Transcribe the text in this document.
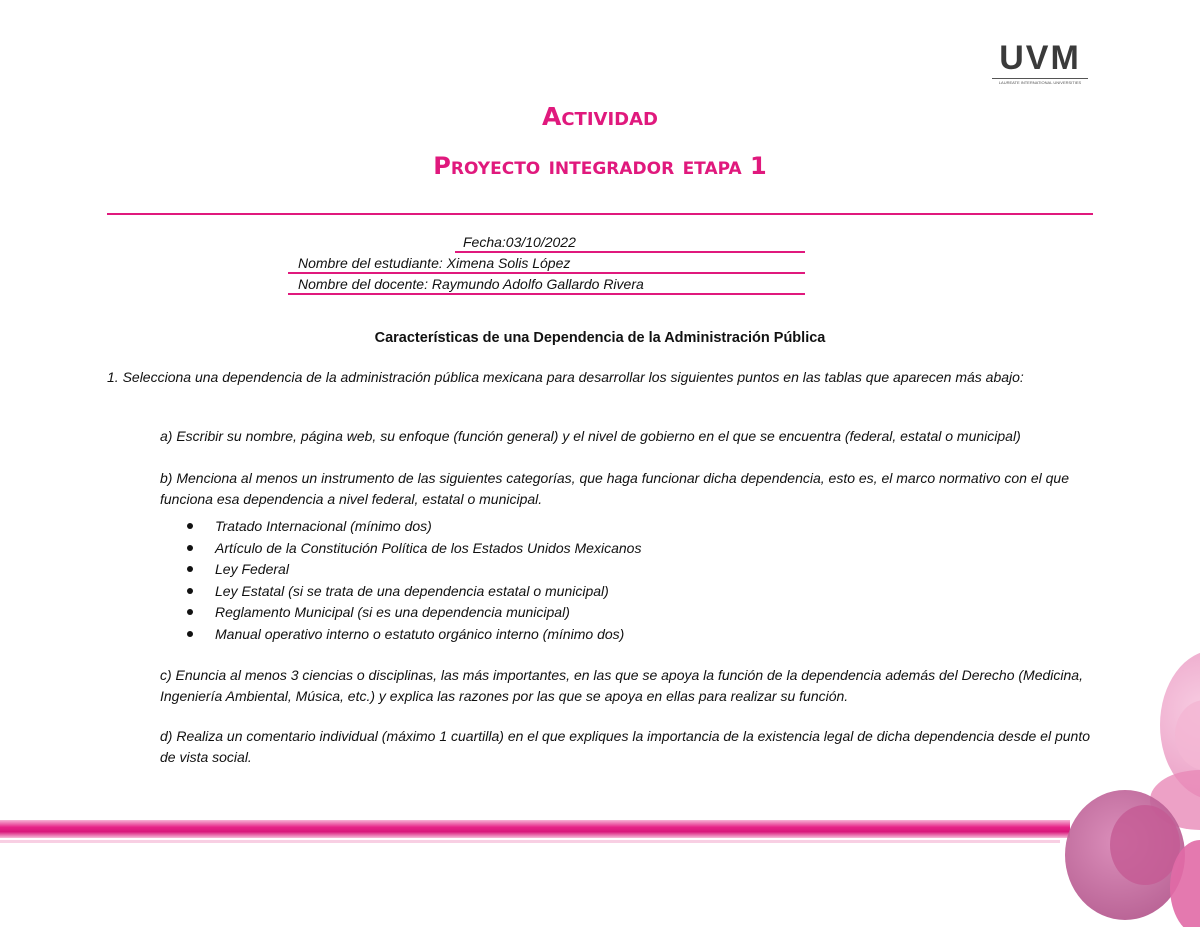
UVM
LAUREATE INTERNATIONAL UNIVERSITIES
Actividad
Proyecto integrador etapa 1
Fecha:03/10/2022
Nombre del estudiante: Ximena Solis López
Nombre del docente: Raymundo Adolfo Gallardo Rivera
Características de una Dependencia de la Administración Pública
1. Selecciona una dependencia de la administración pública mexicana para desarrollar los siguientes puntos en las tablas que aparecen más abajo:
a) Escribir su nombre, página web, su enfoque (función general) y el nivel de gobierno en el que se encuentra (federal, estatal o municipal)
b) Menciona al menos un instrumento de las siguientes categorías, que haga funcionar dicha dependencia, esto es, el marco normativo con el que funciona esa dependencia a nivel federal, estatal o municipal.
Tratado Internacional (mínimo dos)
Artículo de la Constitución Política de los Estados Unidos Mexicanos
Ley Federal
Ley Estatal (si se trata de una dependencia estatal o municipal)
Reglamento Municipal (si es una dependencia municipal)
Manual operativo interno o estatuto orgánico interno (mínimo dos)
c) Enuncia al menos 3 ciencias o disciplinas, las más importantes, en las que se apoya la función de la dependencia además del Derecho (Medicina, Ingeniería Ambiental, Música, etc.) y explica las razones por las que se apoya en ellas para realizar su función.
d) Realiza un comentario individual (máximo 1 cuartilla) en el que expliques la importancia de la existencia legal de dicha dependencia desde el punto de vista social.
